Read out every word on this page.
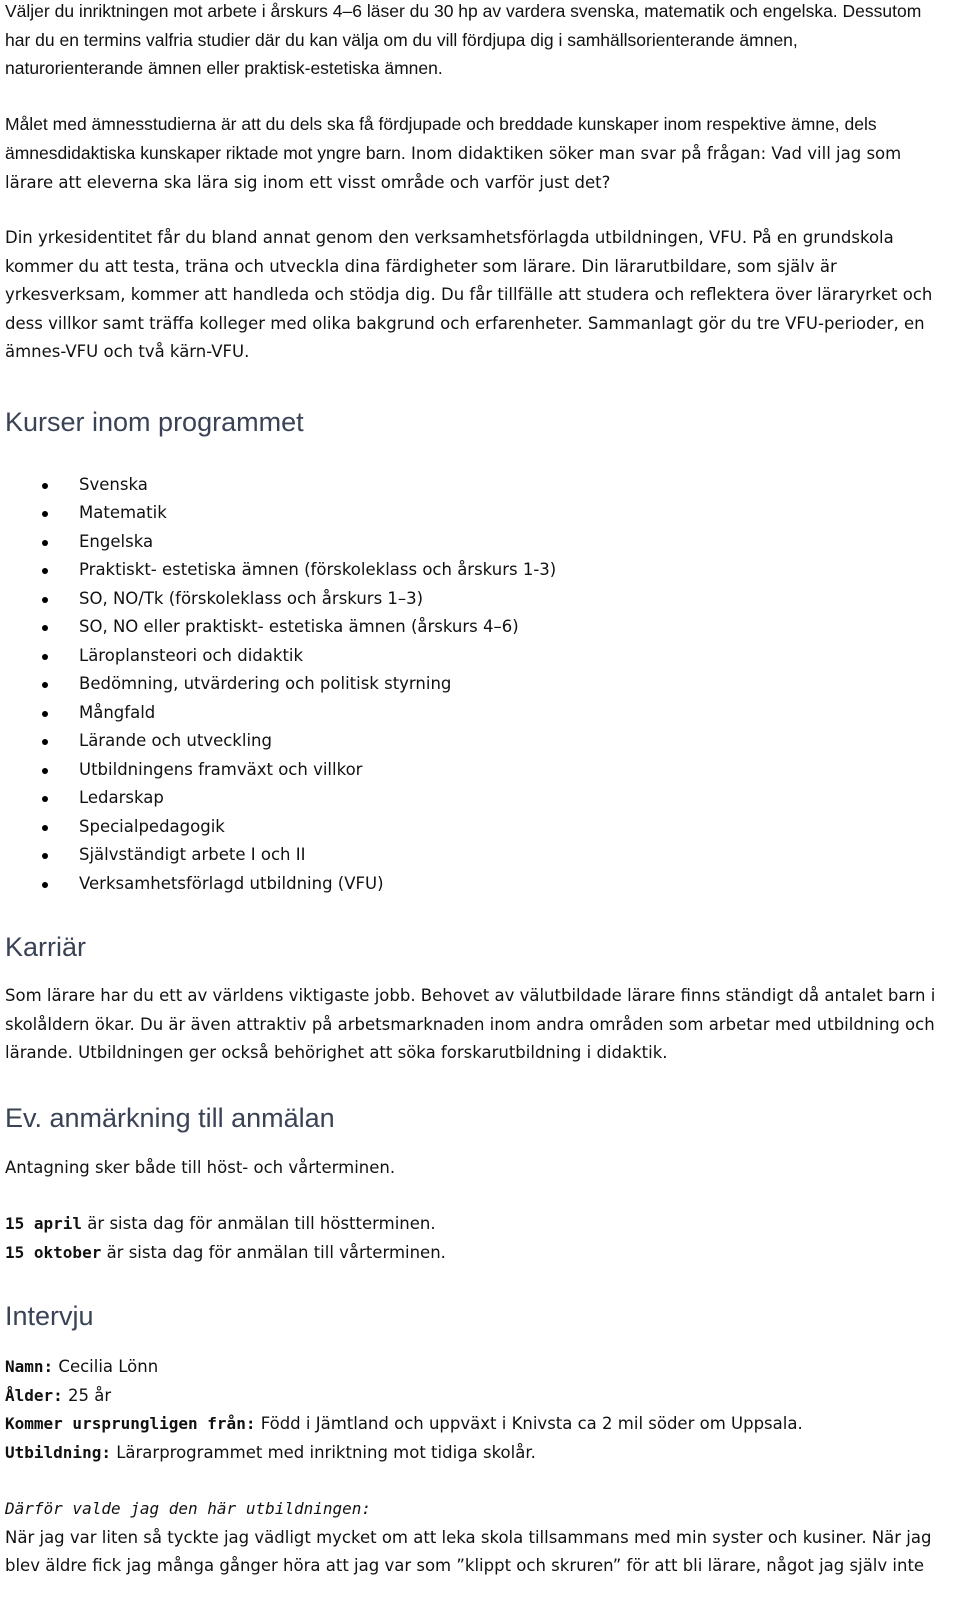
Väljer du inriktningen mot arbete i årskurs 4–6 läser du 30 hp av vardera svenska, matematik och engelska. Dessutom har du en termins valfria studier där du kan välja om du vill fördjupa dig i samhällsorienterande ämnen, naturorienterande ämnen eller praktisk-estetiska ämnen.

Målet med ämnesstudierna är att du dels ska få fördjupade och breddade kunskaper inom respektive ämne, dels ämnesdidaktiska kunskaper riktade mot yngre barn. Inom didaktiken söker man svar på frågan: Vad vill jag som lärare att eleverna ska lära sig inom ett visst område och varför just det?

Din yrkesidentitet får du bland annat genom den verksamhetsförlagda utbildningen, VFU. På en grundskola kommer du att testa, träna och utveckla dina färdigheter som lärare. Din lärarutbildare, som själv är yrkesverksam, kommer att handleda och stödja dig. Du får tillfälle att studera och reflektera över läraryrket och dess villkor samt träffa kolleger med olika bakgrund och erfarenheter. Sammanlagt gör du tre VFU-perioder, en ämnes-VFU och två kärn-VFU.

Kurser inom programmet
Svenska
Matematik
Engelska
Praktiskt- estetiska ämnen (förskoleklass och årskurs 1-3)
SO, NO/Tk (förskoleklass och årskurs 1–3)
SO, NO eller praktiskt- estetiska ämnen (årskurs 4–6)
Läroplansteori och didaktik
Bedömning, utvärdering och politisk styrning
Mångfald
Lärande och utveckling
Utbildningens framväxt och villkor
Ledarskap
Specialpedagogik
Självständigt arbete I och II
Verksamhetsförlagd utbildning (VFU)
Karriär

Som lärare har du ett av världens viktigaste jobb. Behovet av välutbildade lärare finns ständigt då antalet barn i skolåldern ökar. Du är även attraktiv på arbetsmarknaden inom andra områden som arbetar med utbildning och lärande. Utbildningen ger också behörighet att söka forskarutbildning i didaktik.

Ev. anmärkning till anmälan

Antagning sker både till höst- och vårterminen.

15 april är sista dag för anmälan till höstterminen.

15 oktober är sista dag för anmälan till vårterminen.

Intervju

Namn: Cecilia Lönn

Ålder: 25 år

Kommer ursprungligen från: Född i Jämtland och uppväxt i Knivsta ca 2 mil söder om Uppsala.

Utbildning: Lärarprogrammet med inriktning mot tidiga skolår.

Därför valde jag den här utbildningen:

När jag var liten så tyckte jag vädligt mycket om att leka skola tillsammans med min syster och kusiner. När jag blev äldre fick jag många gånger höra att jag var som ”klippt och skruren” för att bli lärare, något jag själv inte
